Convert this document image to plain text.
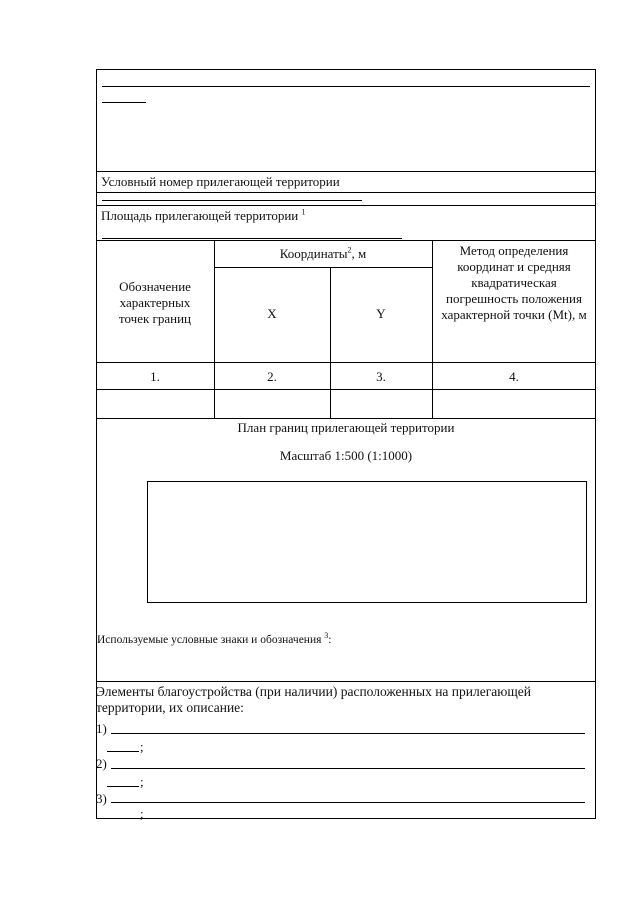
Условный номер прилегающей территории
Площадь прилегающей территории $^1$
Обозначение характерных точек границ
Координаты$^2$, м
X	Y
Метод определения координат и средняя квадратическая погрешность положения характерной точки (Mt), м
1.	2.	3.	4.
План границ прилегающей территории
Масштаб 1:500 (1:1000)
Используемые условные знаки и обозначения $^3$:
Элементы благоустройства (при наличии) расположенных на прилегающей территории, их описание:
1)
;
2)
;
3)
;
